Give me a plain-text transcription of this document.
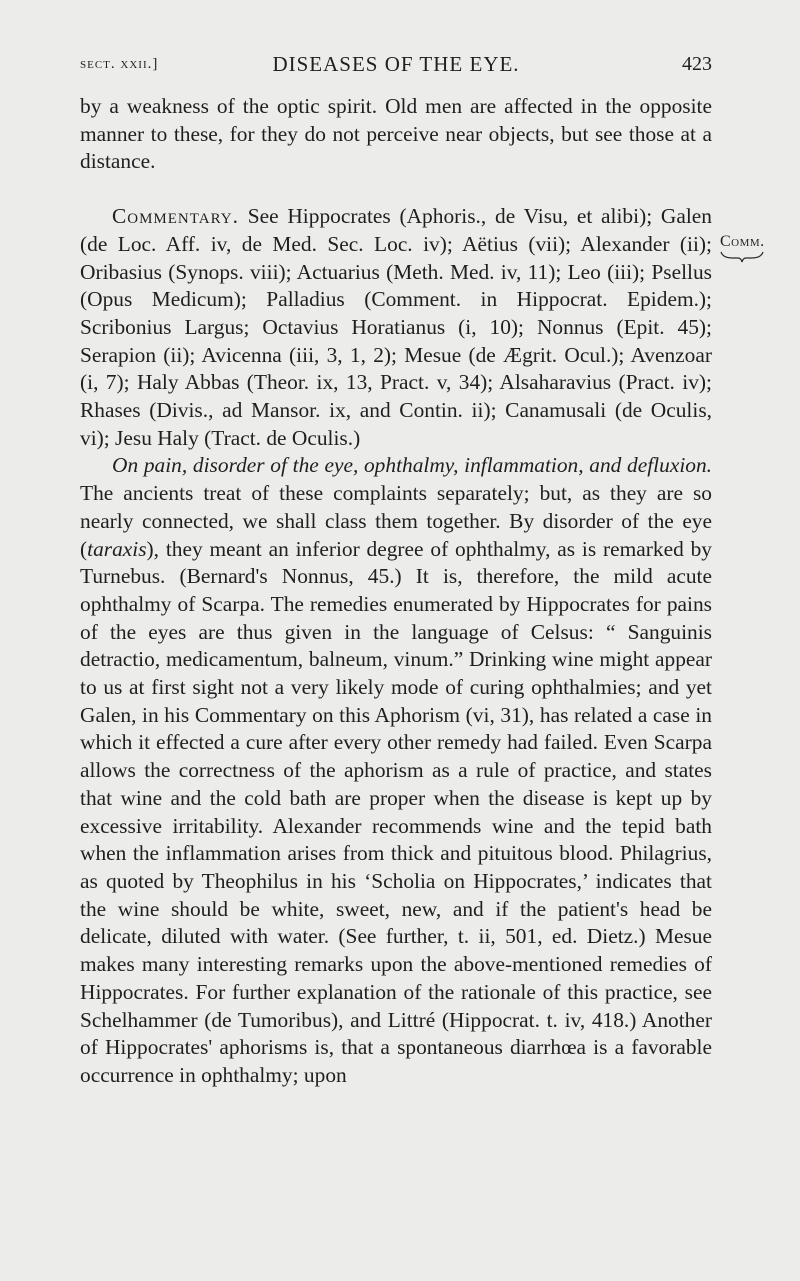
sect. xxii.]	DISEASES OF THE EYE.	423
Comm.

by a weakness of the optic spirit. Old men are affected in the opposite manner to these, for they do not perceive near objects, but see those at a distance.

Commentary. See Hippocrates (Aphoris., de Visu, et alibi); Galen (de Loc. Aff. iv, de Med. Sec. Loc. iv); Aëtius (vii); Alexander (ii); Oribasius (Synops. viii); Actuarius (Meth. Med. iv, 11); Leo (iii); Psellus (Opus Medicum); Palladius (Comment. in Hippocrat. Epidem.); Scribonius Largus; Octavius Horatianus (i, 10); Nonnus (Epit. 45); Serapion (ii); Avicenna (iii, 3, 1, 2); Mesue (de Ægrit. Ocul.); Avenzoar (i, 7); Haly Abbas (Theor. ix, 13, Pract. v, 34); Alsaharavius (Pract. iv); Rhases (Divis., ad Mansor. ix, and Contin. ii); Canamusali (de Oculis, vi); Jesu Haly (Tract. de Oculis.)

On pain, disorder of the eye, ophthalmy, inflammation, and defluxion. The ancients treat of these complaints separately; but, as they are so nearly connected, we shall class them together. By disorder of the eye (taraxis), they meant an inferior degree of ophthalmy, as is remarked by Turnebus. (Bernard's Nonnus, 45.) It is, therefore, the mild acute ophthalmy of Scarpa. The remedies enumerated by Hippocrates for pains of the eyes are thus given in the language of Celsus: “ Sanguinis detractio, medicamentum, balneum, vinum.” Drinking wine might appear to us at first sight not a very likely mode of curing ophthalmies; and yet Galen, in his Commentary on this Aphorism (vi, 31), has related a case in which it effected a cure after every other remedy had failed. Even Scarpa allows the correctness of the aphorism as a rule of practice, and states that wine and the cold bath are proper when the disease is kept up by excessive irritability. Alexander recommends wine and the tepid bath when the inflammation arises from thick and pituitous blood. Philagrius, as quoted by Theophilus in his ‘Scholia on Hippocrates,’ indicates that the wine should be white, sweet, new, and if the patient's head be delicate, diluted with water. (See further, t. ii, 501, ed. Dietz.) Mesue makes many interesting remarks upon the above-mentioned remedies of Hippocrates. For further explanation of the rationale of this practice, see Schelhammer (de Tumoribus), and Littré (Hippocrat. t. iv, 418.) Another of Hippocrates' aphorisms is, that a spontaneous diarrhœa is a favorable occurrence in ophthalmy; upon
